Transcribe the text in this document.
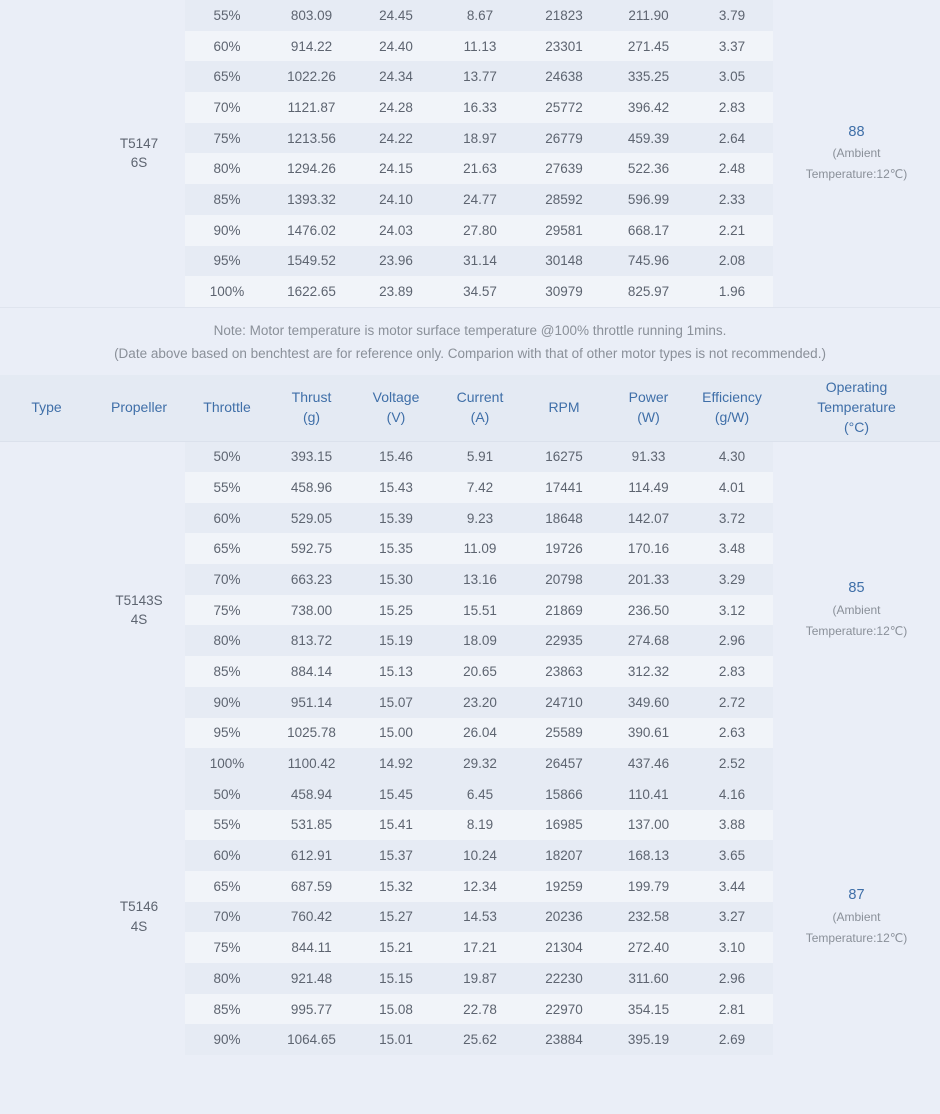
	T5147
6S	55%	803.09	24.45	8.67	21823	211.90	3.79	88
(Ambient
Temperature:12℃)
		60%	914.22	24.40	11.13	23301	271.45	3.37	
		65%	1022.26	24.34	13.77	24638	335.25	3.05	
		70%	1121.87	24.28	16.33	25772	396.42	2.83	
		75%	1213.56	24.22	18.97	26779	459.39	2.64	
		80%	1294.26	24.15	21.63	27639	522.36	2.48	
		85%	1393.32	24.10	24.77	28592	596.99	2.33	
		90%	1476.02	24.03	27.80	29581	668.17	2.21	
		95%	1549.52	23.96	31.14	30148	745.96	2.08	
		100%	1622.65	23.89	34.57	30979	825.97	1.96	
Note: Motor temperature is motor surface temperature @100% throttle running 1mins.
(Date above based on benchtest are for reference only. Comparion with that of other motor types is not recommended.)
Type	Propeller	Throttle	Thrust
(g)	Voltage
(V)	Current
(A)	RPM	Power
(W)	Efficiency
(g/W)	Operating
Temperature
(°C)

	T5143S
4S	50%	393.15	15.46	5.91	16275	91.33	4.30	85
(Ambient
Temperature:12℃)
		55%	458.96	15.43	7.42	17441	114.49	4.01	
		60%	529.05	15.39	9.23	18648	142.07	3.72	
		65%	592.75	15.35	11.09	19726	170.16	3.48	
		70%	663.23	15.30	13.16	20798	201.33	3.29	
		75%	738.00	15.25	15.51	21869	236.50	3.12	
		80%	813.72	15.19	18.09	22935	274.68	2.96	
		85%	884.14	15.13	20.65	23863	312.32	2.83	
		90%	951.14	15.07	23.20	24710	349.60	2.72	
		95%	1025.78	15.00	26.04	25589	390.61	2.63	
		100%	1100.42	14.92	29.32	26457	437.46	2.52	

	T5146
4S	50%	458.94	15.45	6.45	15866	110.41	4.16	87
(Ambient
Temperature:12℃)
		55%	531.85	15.41	8.19	16985	137.00	3.88	
		60%	612.91	15.37	10.24	18207	168.13	3.65	
		65%	687.59	15.32	12.34	19259	199.79	3.44	
		70%	760.42	15.27	14.53	20236	232.58	3.27	
		75%	844.11	15.21	17.21	21304	272.40	3.10	
		80%	921.48	15.15	19.87	22230	311.60	2.96	
		85%	995.77	15.08	22.78	22970	354.15	2.81	
		90%	1064.65	15.01	25.62	23884	395.19	2.69	
